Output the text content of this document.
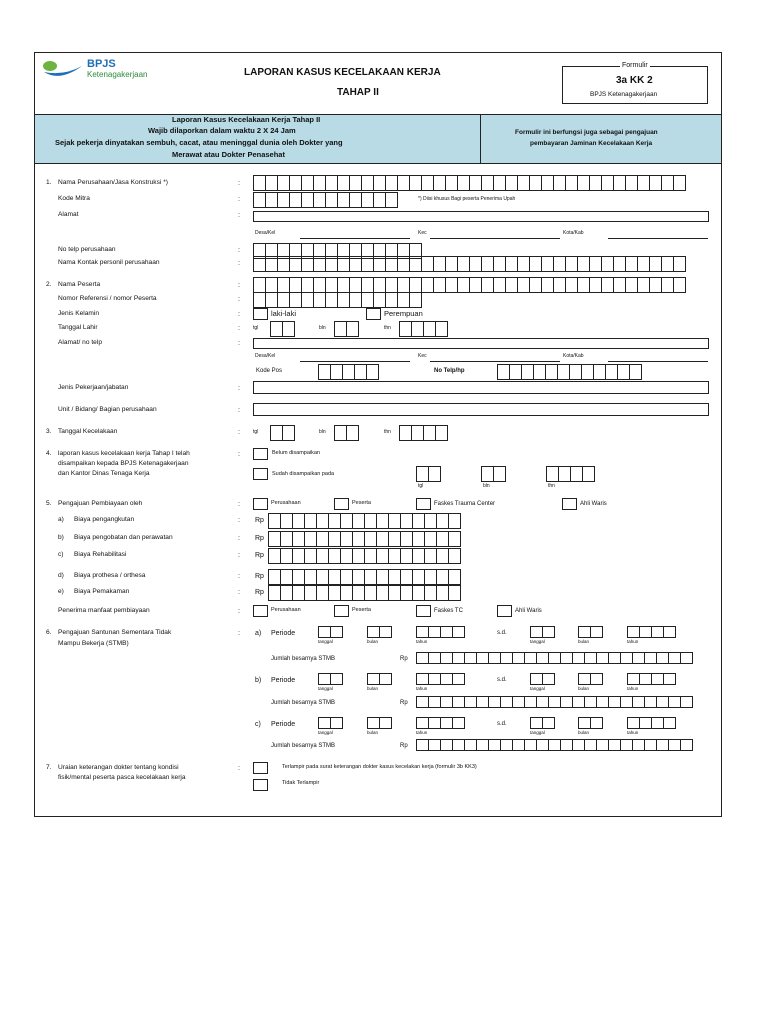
BPJS
Ketenagakerjaan	LAPORAN KASUS KECELAKAAN KERJA
TAHAP II
Formulir
3a KK 2
BPJS Ketenagakerjaan
Laporan Kasus Kecelakaan Kerja Tahap II
Wajib dilaporkan dalam waktu 2 X 24 Jam
Sejak pekerja dinyatakan sembuh, cacat, atau meninggal dunia oleh Dokter yang
Merawat atau Dokter Penasehat
Formulir ini berfungsi juga sebagai pengajuan
pembayaran Jaminan Kecelakaan Kerja
1. Nama Perusahaan/Jasa Konstruksi *)	:
Kode Mitra	:	*) Diisi khusus Bagi peserta Penerima Upah
Alamat	:
Desa/Kel	Kec	Kota/Kab
No telp perusahaan	:
Nama Kontak personil perusahaan	:
2. Nama Peserta	:
Nomor Referensi / nomor Peserta	:
Jenis Kelamin	:	laki-laki	Perempuan
Tanggal Lahir	:	tgl	bln	thn
Alamat/ no telp	:
Desa/Kel	Kec	Kota/Kab
Kode Pos	No Telp/hp
Jenis Pekerjaan/jabatan	:
Unit / Bidang/ Bagian perusahaan	:
3. Tanggal Kecelakaan	:	tgl	bln	thn
4. laporan kasus kecelakaan kerja Tahap I telah
disampaikan kepada BPJS Ketenagakerjaan
dan Kantor Dinas Tenaga Kerja
:	Belum disampaikan
Sudah disampaikan pada
tgl	bln	thn
5. Pengajuan Pembiayaan oleh	:	Perusahaan	Peserta	Faskes Trauma Center	Ahli Waris
a) Biaya pengangkutan	: Rp
b) Biaya pengobatan dan perawatan	: Rp
c) Biaya Rehabilitasi	: Rp
d) Biaya prothesa / orthesa	: Rp
e) Biaya Pemakaman	: Rp
Penerima manfaat pembiayaan	:	Perusahaan	Peserta	Faskes TC	Ahli Waris
6. Pengajuan Santunan Sementara Tidak
Mampu Bekerja (STMB)
: a) Periode	s.d.
tanggal	bulan	tahun	tanggal	bulan	tahun
Jumlah besarnya STMB	Rp
b) Periode	s.d.
tanggal	bulan	tahun	tanggal	bulan	tahun
Jumlah besarnya STMB	Rp
c) Periode	s.d.
tanggal	bulan	tahun	tanggal	bulan	tahun
Jumlah besarnya STMB	Rp
7. Uraian keterangan dokter tentang kondisi
fisik/mental peserta pasca kecelakaan kerja
:	Terlampir pada surat keterangan dokter kasus kecelakan kerja (formulir 3b KK3)
Tidak Terlampir
